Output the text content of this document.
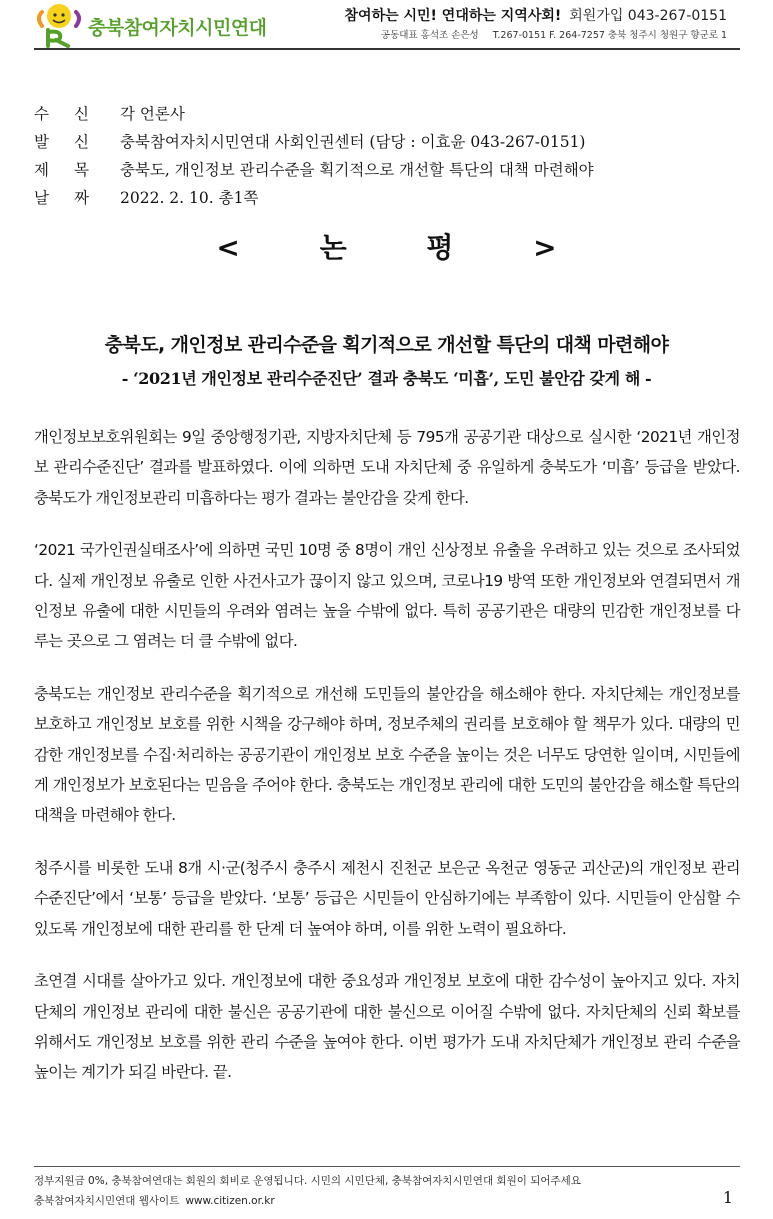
충북참여자치시민연대
참여하는 시민! 연대하는 지역사회! 회원가입 043-267-0151
공동대표 홍석조 손은성 T.267-0151 F. 264-7257 충북 청주시 청원구 향군로 1
수 신 각 언론사
발 신 충북참여자치시민연대 사회인권센터 (담당 : 이효윤 043-267-0151)
제 목 충북도, 개인정보 관리수준을 획기적으로 개선할 특단의 대책 마련해야
날 짜 2022. 2. 10. 총1쪽
< 논 평 >
충북도, 개인정보 관리수준을 획기적으로 개선할 특단의 대책 마련해야
- ‘2021년 개인정보 관리수준진단’ 결과 충북도 ‘미흡’, 도민 불안감 갖게 해 -

개인정보보호위원회는 9일 중앙행정기관, 지방자치단체 등 795개 공공기관 대상으로 실시한 ‘2021년 개인정보 관리수준진단’ 결과를 발표하였다. 이에 의하면 도내 자치단체 중 유일하게 충북도가 ‘미흡’ 등급을 받았다. 충북도가 개인정보관리 미흡하다는 평가 결과는 불안감을 갖게 한다.

‘2021 국가인권실태조사’에 의하면 국민 10명 중 8명이 개인 신상정보 유출을 우려하고 있는 것으로 조사되었다. 실제 개인정보 유출로 인한 사건사고가 끊이지 않고 있으며, 코로나19 방역 또한 개인정보와 연결되면서 개인정보 유출에 대한 시민들의 우려와 염려는 높을 수밖에 없다. 특히 공공기관은 대량의 민감한 개인정보를 다루는 곳으로 그 염려는 더 클 수밖에 없다.

충북도는 개인정보 관리수준을 획기적으로 개선해 도민들의 불안감을 해소해야 한다. 자치단체는 개인정보를 보호하고 개인정보 보호를 위한 시책을 강구해야 하며, 정보주체의 권리를 보호해야 할 책무가 있다. 대량의 민감한 개인정보를 수집·처리하는 공공기관이 개인정보 보호 수준을 높이는 것은 너무도 당연한 일이며, 시민들에게 개인정보가 보호된다는 믿음을 주어야 한다. 충북도는 개인정보 관리에 대한 도민의 불안감을 해소할 특단의 대책을 마련해야 한다.

청주시를 비롯한 도내 8개 시·군(청주시 충주시 제천시 진천군 보은군 옥천군 영동군 괴산군)의 개인정보 관리수준진단’에서 ‘보통’ 등급을 받았다. ‘보통’ 등급은 시민들이 안심하기에는 부족함이 있다. 시민들이 안심할 수 있도록 개인정보에 대한 관리를 한 단계 더 높여야 하며, 이를 위한 노력이 필요하다.

초연결 시대를 살아가고 있다. 개인정보에 대한 중요성과 개인정보 보호에 대한 감수성이 높아지고 있다. 자치단체의 개인정보 관리에 대한 불신은 공공기관에 대한 불신으로 이어질 수밖에 없다. 자치단체의 신뢰 확보를 위해서도 개인정보 보호를 위한 관리 수준을 높여야 한다. 이번 평가가 도내 자치단체가 개인정보 관리 수준을 높이는 계기가 되길 바란다. 끝.

정부지원금 0%, 충북참여연대는 회원의 회비로 운영됩니다. 시민의 시민단체, 충북참여자치시민연대 회원이 되어주세요
충북참여자치시민연대 웹사이트 www.citizen.or.kr	1
